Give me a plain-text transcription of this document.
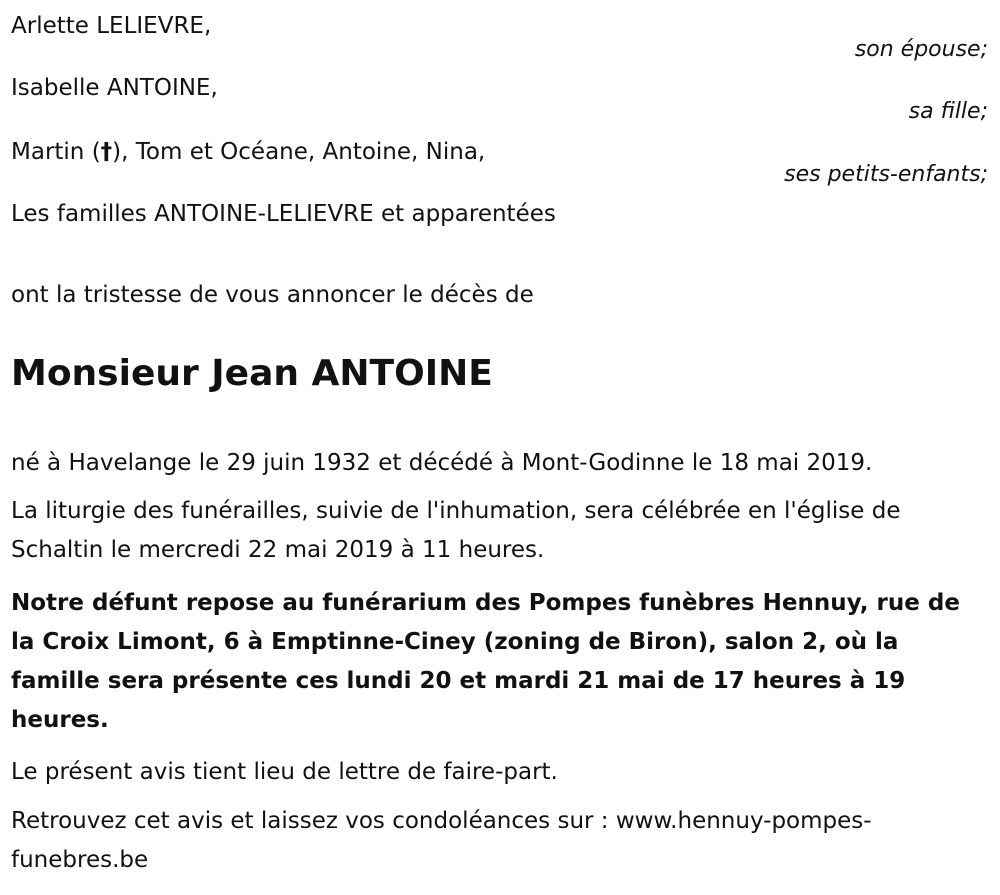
Arlette LELIEVRE,
son épouse;
Isabelle ANTOINE,
sa fille;
Martin (†), Tom et Océane, Antoine, Nina,
ses petits-enfants;
Les familles ANTOINE-LELIEVRE et apparentées
ont la tristesse de vous annoncer le décès de
Monsieur Jean ANTOINE
né à Havelange le 29 juin 1932 et décédé à Mont-Godinne le 18 mai 2019.
La liturgie des funérailles, suivie de l'inhumation, sera célébrée en l'église de Schaltin le mercredi 22 mai 2019 à 11 heures.
Notre défunt repose au funérarium des Pompes funèbres Hennuy, rue de la Croix Limont, 6 à Emptinne-Ciney (zoning de Biron), salon 2, où la famille sera présente ces lundi 20 et mardi 21 mai de 17 heures à 19 heures.
Le présent avis tient lieu de lettre de faire-part.
Retrouvez cet avis et laissez vos condoléances sur : www.hennuy-pompes-funebres.be
